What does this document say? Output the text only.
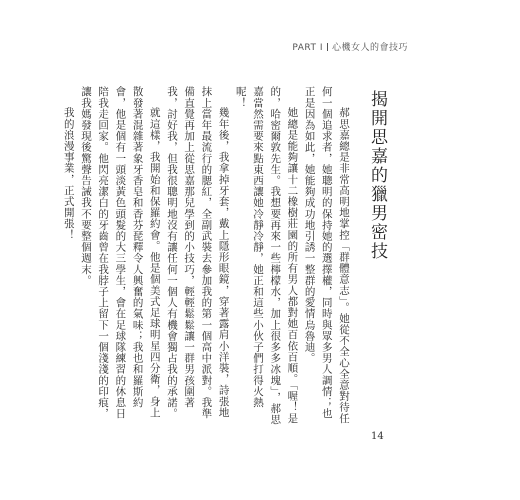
PART I 心機女人的會技巧
揭開思嘉的獵男密技

郝思嘉總是非常高明地掌控「群體意志」。她從不全心全意對待任何一個追求者，她聰明的保持她的選擇權，同時與眾多男人調情；也正是因為如此，她能夠成功地引誘一整群的愛情烏魯迪。

她總是能夠讓十二橡樹莊園的所有男人都對她百依百順。「喔！是的，哈密爾敦先生。我想要再來一些檸檬水，加上很多多冰塊」，郝思嘉當然需要來點東西讓她冷靜冷靜，她正和這些小伙子們打得火熱呢！

幾年後，我拿掉牙套，戴上隱形眼鏡，穿著露肩小洋裝，詩張地抹上當年最流行的腮紅，全副武裝去參加我的第一個高中派對。我準備直覺再加上從思嘉那兒學到的小技巧，輕輕鬆鬆讓一群男孩圍著我，討好我，但我很聰明地沒有讓任何一個人有機會獨占我的承諾。

就這樣，我開始和保羅約會。他是個美式足球明星四分衛，身上散發著混雜著象牙香皂和香芬琵釋令人興奮的氣味；我也和羅斯約會，他是個有一頭淡黃色頭髮的大三學生，會在足球隊練習的休息日陪我走回家。他閃亮潔白的牙齒曾在我脖子上留下一個淺淺的印痕，讓我媽發現後驚聲告誡我不要整個週末。

我的浪漫事業，正式開張！

14
